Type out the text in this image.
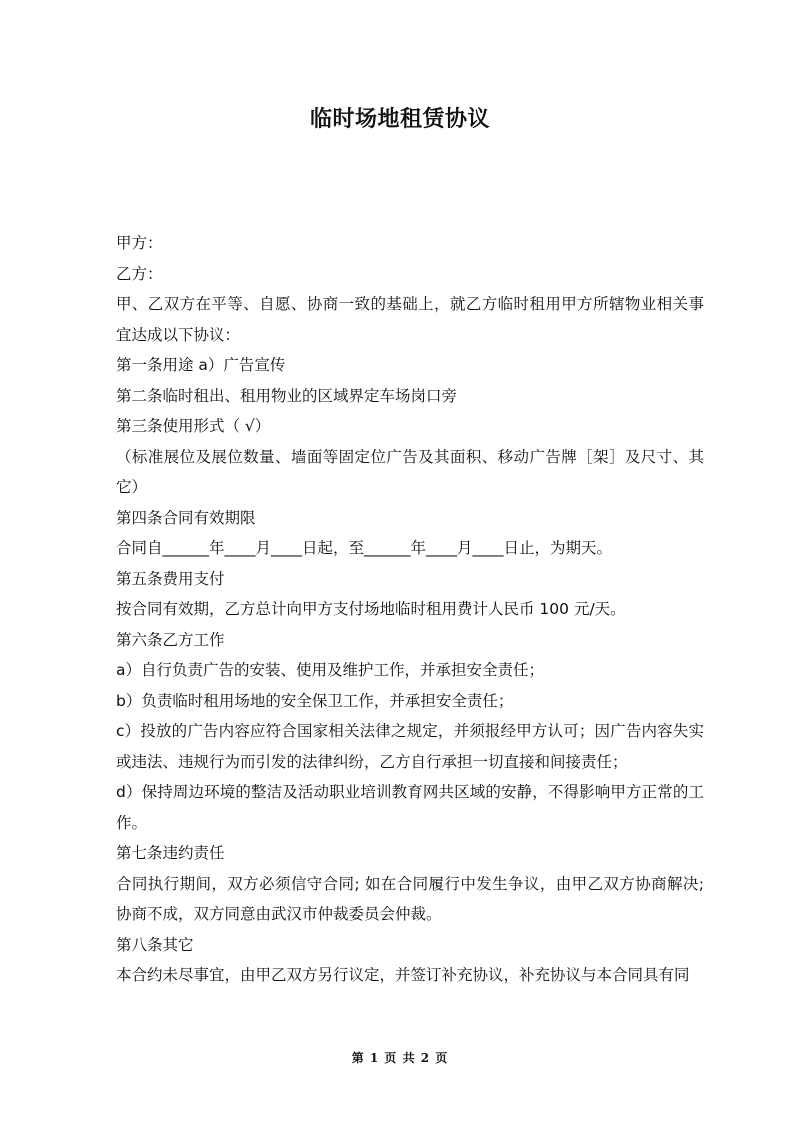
临时场地租赁协议

甲方：

乙方：

甲、乙双方在平等、自愿、协商一致的基础上，就乙方临时租用甲方所辖物业相关事宜达成以下协议：

第一条用途 a）广告宣传

第二条临时租出、租用物业的区域界定车场岗口旁

第三条使用形式（ √）

（标准展位及展位数量、墙面等固定位广告及其面积、移动广告牌［架］及尺寸、其它）

第四条合同有效期限

合同自______年____月____日起，至______年____月____日止，为期天。

第五条费用支付

按合同有效期，乙方总计向甲方支付场地临时租用费计人民币 100 元/天。

第六条乙方工作

a）自行负责广告的安装、使用及维护工作，并承担安全责任；

b）负责临时租用场地的安全保卫工作，并承担安全责任；

c）投放的广告内容应符合国家相关法律之规定，并须报经甲方认可；因广告内容失实或违法、违规行为而引发的法律纠纷，乙方自行承担一切直接和间接责任；

d）保持周边环境的整洁及活动职业培训教育网共区域的安静，不得影响甲方正常的工作。

第七条违约责任

合同执行期间，双方必须信守合同; 如在合同履行中发生争议，由甲乙双方协商解决; 协商不成，双方同意由武汉市仲裁委员会仲裁。

第八条其它

本合约未尽事宜，由甲乙双方另行议定，并签订补充协议，补充协议与本合同具有同

第 1 页 共 2 页
